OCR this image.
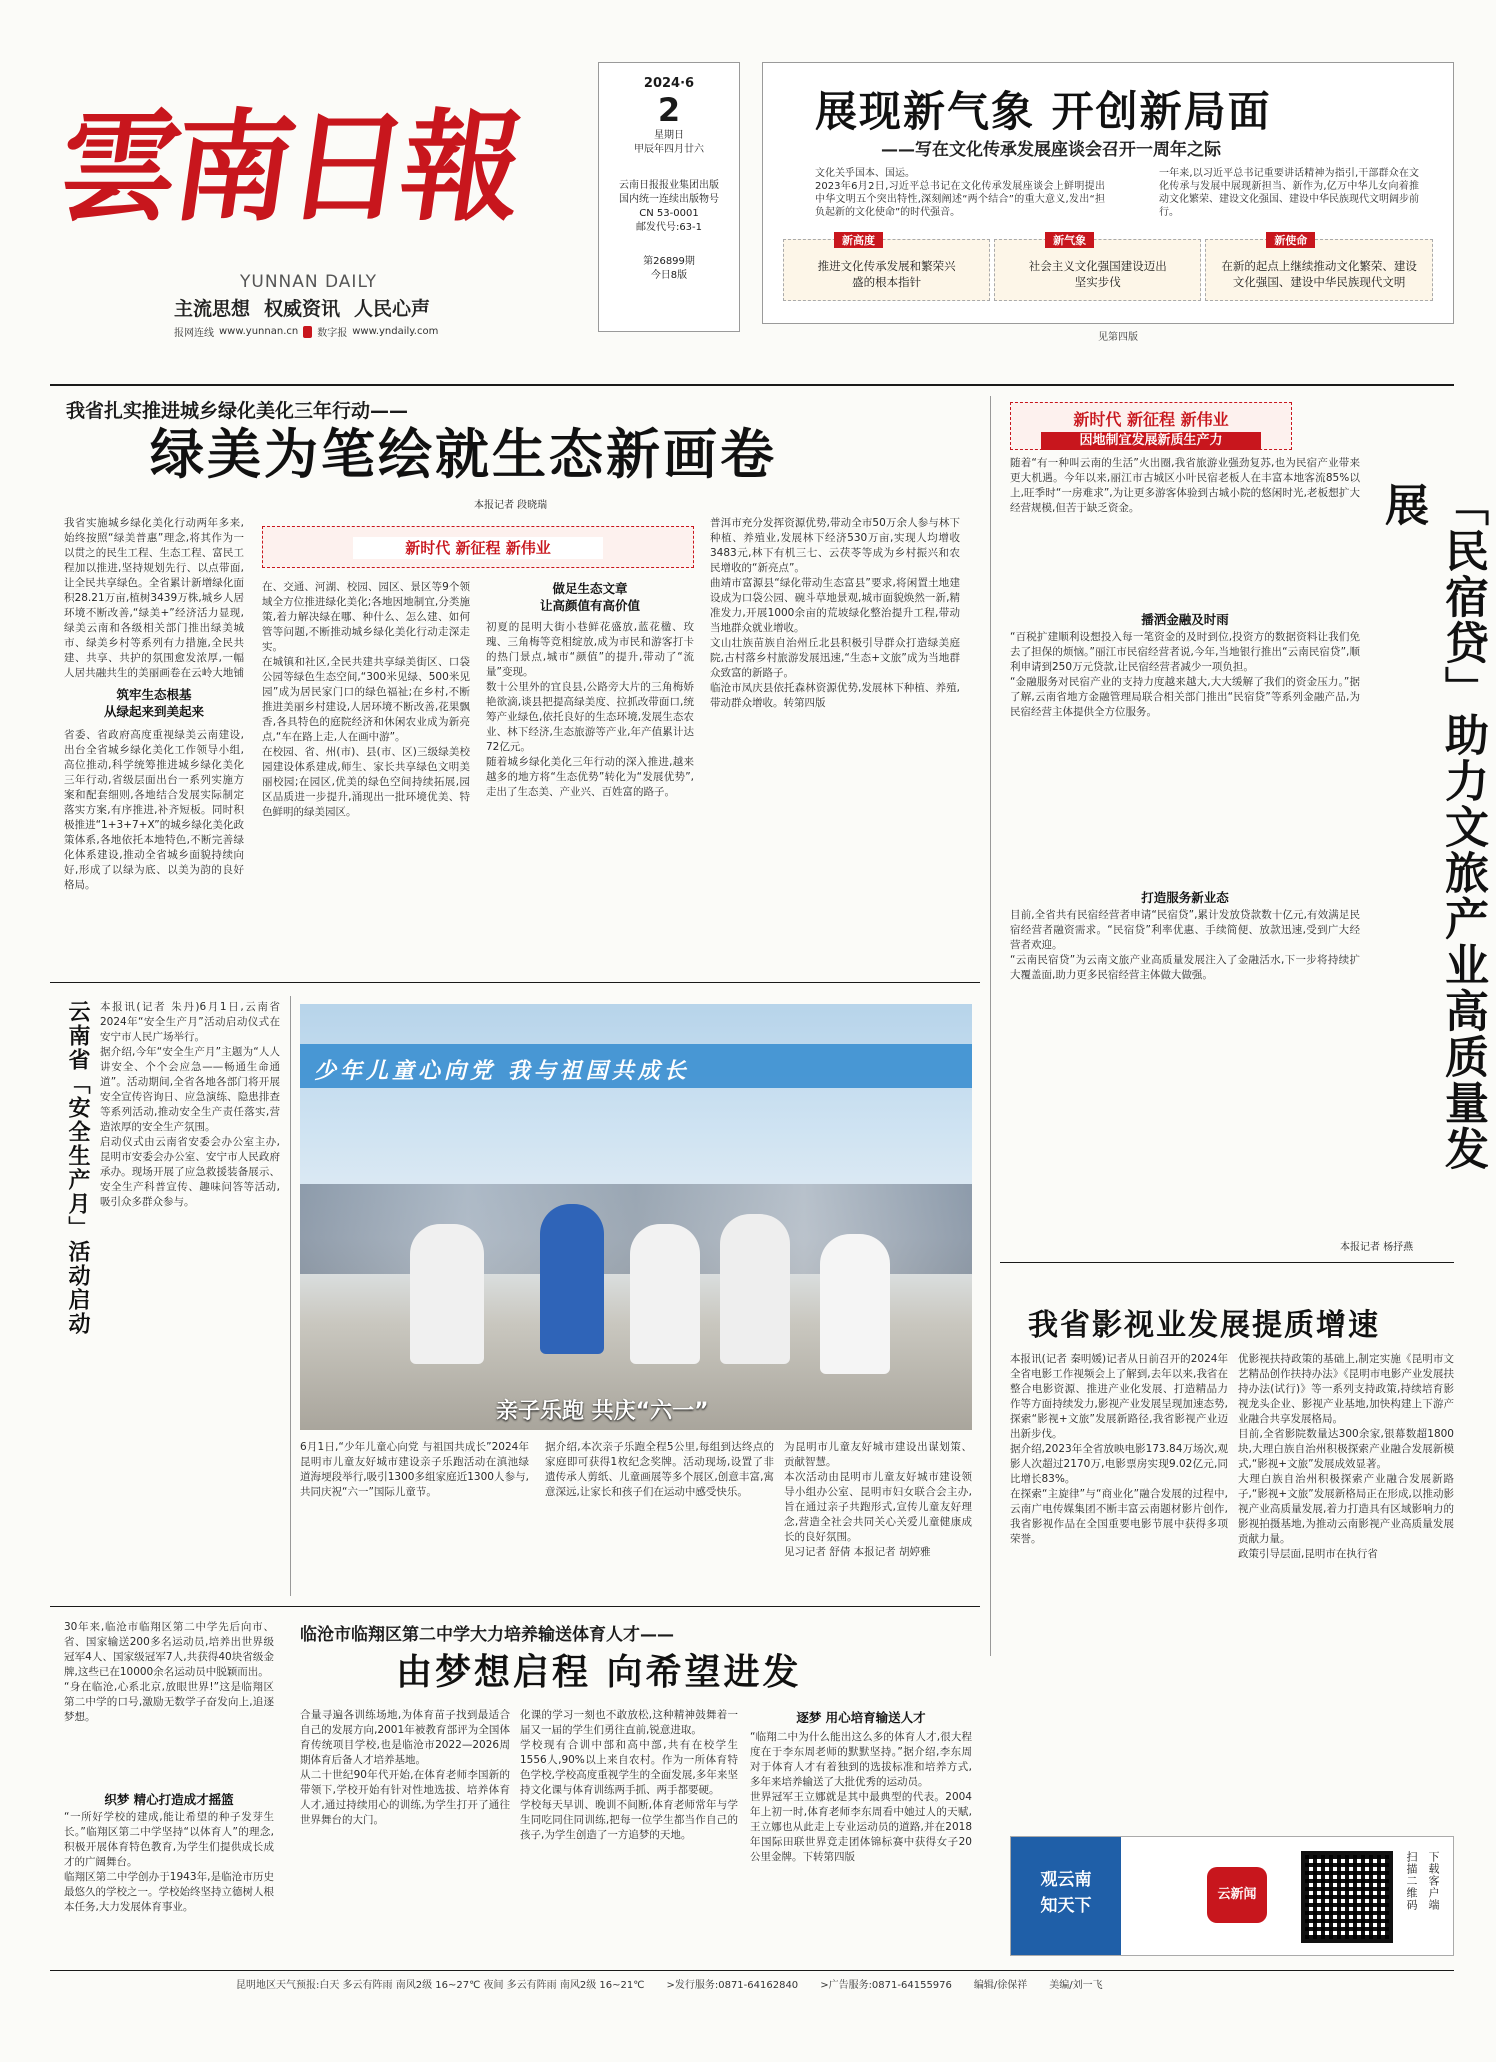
雲南日報
YUNNAN DAILY
主流思想 权威资讯 人民心声
报网连线 www.yunnan.cn 数字报 www.yndaily.com
2024·6
2
星期日
甲辰年四月廿六
云南日报报业集团出版
国内统一连续出版物号
CN 53-0001
邮发代号:63-1
第26899期
今日8版
展现新气象 开创新局面
——写在文化传承发展座谈会召开一周年之际
文化关乎国本、国运。
2023年6月2日,习近平总书记在文化传承发展座谈会上鲜明提出中华文明五个突出特性,深刻阐述“两个结合”的重大意义,发出“担负起新的文化使命”的时代强音。

一年来,以习近平总书记重要讲话精神为指引,干部群众在文化传承与发展中展现新担当、新作为,亿万中华儿女向着推动文化繁荣、建设文化强国、建设中华民族现代文明阔步前行。
新高度
推进文化传承发展和繁荣兴盛的根本指针
新气象
社会主义文化强国建设迈出坚实步伐
新使命
在新的起点上继续推动文化繁荣、建设文化强国、建设中华民族现代文明
见第四版
我省扎实推进城乡绿化美化三年行动——
绿美为笔绘就生态新画卷
本报记者 段晓瑞
我省实施城乡绿化美化行动两年多来,始终按照“绿美普惠”理念,将其作为一以贯之的民生工程、生态工程、富民工程加以推进,坚持规划先行、以点带面,让全民共享绿色。全省累计新增绿化面积28.21万亩,植树3439万株,城乡人居环境不断改善,“绿美+”经济活力显现,绿美云南和各级相关部门推出绿美城市、绿美乡村等系列有力措施,全民共建、共享、共护的氛围愈发浓厚,一幅人居共融共生的美丽画卷在云岭大地铺
筑牢生态根基
从绿起来到美起来
省委、省政府高度重视绿美云南建设,出台全省城乡绿化美化工作领导小组,高位推动,科学统筹推进城乡绿化美化三年行动,省级层面出台一系列实施方案和配套细则,各地结合发展实际制定落实方案,有序推进,补齐短板。同时积极推进“1+3+7+X”的城乡绿化美化政策体系,各地依托本地特色,不断完善绿化体系建设,推动全省城乡面貌持续向好,形成了以绿为底、以美为韵的良好格局。
新时代 新征程 新伟业
在、交通、河湖、校园、园区、景区等9个领域全方位推进绿化美化;各地因地制宜,分类施策,着力解决绿在哪、种什么、怎么建、如何管等问题,不断推动城乡绿化美化行动走深走实。
在城镇和社区,全民共建共享绿美街区、口袋公园等绿色生态空间,“300米见绿、500米见园”成为居民家门口的绿色福祉;在乡村,不断推进美丽乡村建设,人居环境不断改善,花果飘香,各具特色的庭院经济和休闲农业成为新亮点,“车在路上走,人在画中游”。
在校园、省、州(市)、县(市、区)三级绿美校园建设体系建成,师生、家长共享绿色文明美丽校园;在园区,优美的绿色空间持续拓展,园区品质进一步提升,涌现出一批环境优美、特色鲜明的绿美园区。
做足生态文章
让高颜值有高价值
初夏的昆明大街小巷鲜花盛放,蓝花楹、玫瑰、三角梅等竞相绽放,成为市民和游客打卡的热门景点,城市“颜值”的提升,带动了“流量”变现。
数十公里外的宜良县,公路旁大片的三角梅娇艳欲滴,谈县把提高绿美度、拉抓改带面口,统筹产业绿色,依托良好的生态环境,发展生态农业、林下经济,生态旅游等产业,年产值累计达72亿元。
随着城乡绿化美化三年行动的深入推进,越来越多的地方将“生态优势”转化为“发展优势”,走出了生态美、产业兴、百姓富的路子。
普洱市充分发挥资源优势,带动全市50万余人参与林下种植、养殖业,发展林下经济530万亩,实现人均增收3483元,林下有机三七、云茯苓等成为乡村振兴和农民增收的“新亮点”。
曲靖市富源县“绿化带动生态富县”要求,将闲置土地建设成为口袋公园、碗斗草地景观,城市面貌焕然一新,精准发力,开展1000余亩的荒坡绿化整治提升工程,带动当地群众就业增收。
文山壮族苗族自治州丘北县积极引导群众打造绿美庭院,古村落乡村旅游发展迅速,“生态+文旅”成为当地群众致富的新路子。
临沧市凤庆县依托森林资源优势,发展林下种植、养殖,带动群众增收。转第四版
新时代 新征程 新伟业
因地制宜发展新质生产力
「民宿贷」助力文旅产业高质量发展
随着“有一种叫云南的生活”火出圈,我省旅游业强劲复苏,也为民宿产业带来更大机遇。今年以来,丽江市古城区小叶民宿老板人在丰富本地客流85%以上,旺季时“一房难求”,为让更多游客体验到古城小院的悠闲时光,老板想扩大经营规模,但苦于缺乏资金。
播洒金融及时雨
“百税扩建顺利设想投入每一笔资金的及时到位,投资方的数据资料让我们免去了担保的烦恼。”丽江市民宿经营者说,今年,当地银行推出“云南民宿贷”,顺利申请到250万元贷款,让民宿经营者减少一项负担。
“金融服务对民宿产业的支持力度越来越大,大大缓解了我们的资金压力。”据了解,云南省地方金融管理局联合相关部门推出“民宿贷”等系列金融产品,为民宿经营主体提供全方位服务。
打造服务新业态
目前,全省共有民宿经营者申请“民宿贷”,累计发放贷款数十亿元,有效满足民宿经营者融资需求。“民宿贷”利率优惠、手续简便、放款迅速,受到广大经营者欢迎。
“云南民宿贷”为云南文旅产业高质量发展注入了金融活水,下一步将持续扩大覆盖面,助力更多民宿经营主体做大做强。
本报记者 杨抒燕
云南省「安全生产月」活动启动 本报讯(记者 朱丹)6月1日,云南省2024年“安全生产月”活动启动仪式在安宁市人民广场举行。
据介绍,今年“安全生产月”主题为“人人讲安全、个个会应急——畅通生命通道”。活动期间,全省各地各部门将开展安全宣传咨询日、应急演练、隐患排查等系列活动,推动安全生产责任落实,营造浓厚的安全生产氛围。
启动仪式由云南省安委会办公室主办,昆明市安委会办公室、安宁市人民政府承办。现场开展了应急救援装备展示、安全生产科普宣传、趣味问答等活动,吸引众多群众参与。
少年儿童心向党 我与祖国共成长
亲子乐跑 共庆“六一”
6月1日,“少年儿童心向党 与祖国共成长”2024年昆明市儿童友好城市建设亲子乐跑活动在滇池绿道海埂段举行,吸引1300多组家庭近1300人参与,共同庆祝“六一”国际儿童节。
据介绍,本次亲子乐跑全程5公里,每组到达终点的家庭即可获得1枚纪念奖牌。活动现场,设置了非遗传承人剪纸、儿童画展等多个展区,创意丰富,寓意深远,让家长和孩子们在运动中感受快乐。
为昆明市儿童友好城市建设出谋划策、贡献智慧。
本次活动由昆明市儿童友好城市建设领导小组办公室、昆明市妇女联合会主办,旨在通过亲子共跑形式,宣传儿童友好理念,营造全社会共同关心关爱儿童健康成长的良好氛围。
见习记者 舒倩 本报记者 胡婷雅
我省影视业发展提质增速
本报讯(记者 秦明媛)记者从日前召开的2024年全省电影工作视频会上了解到,去年以来,我省在整合电影资源、推进产业化发展、打造精品力作等方面持续发力,影视产业发展呈现加速态势,探索“影视+文旅”发展新路径,我省影视产业迈出新步伐。
据介绍,2023年全省放映电影173.84万场次,观影人次超过2170万,电影票房实现9.02亿元,同比增长83%。
在探索“主旋律”与“商业化”融合发展的过程中,云南广电传媒集团不断丰富云南题材影片创作,我省影视作品在全国重要电影节展中获得多项荣誉。
优影视扶持政策的基础上,制定实施《昆明市文艺精品创作扶持办法》《昆明市电影产业发展扶持办法(试行)》等一系列支持政策,持续培育影视龙头企业、影视产业基地,加快构建上下游产业融合共享发展格局。
目前,全省影院数量达300余家,银幕数超1800块,大理白族自治州积极探索产业融合发展新模式,“影视+文旅”发展成效显著。
大理白族自治州积极探索产业融合发展新路子,“影视+文旅”发展新格局正在形成,以推动影视产业高质量发展,着力打造具有区域影响力的影视拍摄基地,为推动云南影视产业高质量发展贡献力量。
政策引导层面,昆明市在执行省
30年来,临沧市临翔区第二中学先后向市、省、国家输送200多名运动员,培养出世界级冠军4人、国家级冠军7人,共获得40块省级金牌,这些已在10000余名运动员中脱颖而出。
“身在临沧,心系北京,放眼世界!”这是临翔区第二中学的口号,激励无数学子奋发向上,追逐梦想。
织梦 精心打造成才摇篮
“一所好学校的建成,能让希望的种子发芽生长。”临翔区第二中学坚持“以体育人”的理念,积极开展体育特色教育,为学生们提供成长成才的广阔舞台。
临翔区第二中学创办于1943年,是临沧市历史最悠久的学校之一。学校始终坚持立德树人根本任务,大力发展体育事业。
临沧市临翔区第二中学大力培养输送体育人才——
由梦想启程 向希望进发
合量寻遍各训练场地,为体育苗子找到最适合自己的发展方向,2001年被教育部评为全国体育传统项目学校,也是临沧市2022—2026周期体育后备人才培养基地。
从二十世纪90年代开始,在体育老师李国新的带领下,学校开始有针对性地选拔、培养体育人才,通过持续用心的训练,为学生打开了通往世界舞台的大门。
化课的学习一刻也不敢放松,这种精神鼓舞着一届又一届的学生们勇往直前,锐意进取。
学校现有合训中部和高中部,共有在校学生1556人,90%以上来自农村。作为一所体育特色学校,学校高度重视学生的全面发展,多年来坚持文化课与体育训练两手抓、两手都要硬。
学校每天早训、晚训不间断,体育老师常年与学生同吃同住同训练,把每一位学生都当作自己的孩子,为学生创造了一方追梦的天地。
逐梦 用心培育输送人才
“临翔二中为什么能出这么多的体育人才,很大程度在于李东周老师的默默坚持。”据介绍,李东周对于体育人才有着独到的选拔标准和培养方式,多年来培养输送了大批优秀的运动员。
世界冠军王立娜就是其中最典型的代表。2004年上初一时,体育老师李东周看中她过人的天赋,王立娜也从此走上专业运动员的道路,并在2018年国际田联世界竞走团体锦标赛中获得女子20公里金牌。下转第四版
观云南
知天下
云新闻	扫描二维码 下载客户端
昆明地区天气预报:白天 多云有阵雨 南风2级 16~27℃ 夜间 多云有阵雨 南风2级 16~21℃ >发行服务:0871-64162840 >广告服务:0871-64155976 编辑/徐保祥 美编/刘一飞
